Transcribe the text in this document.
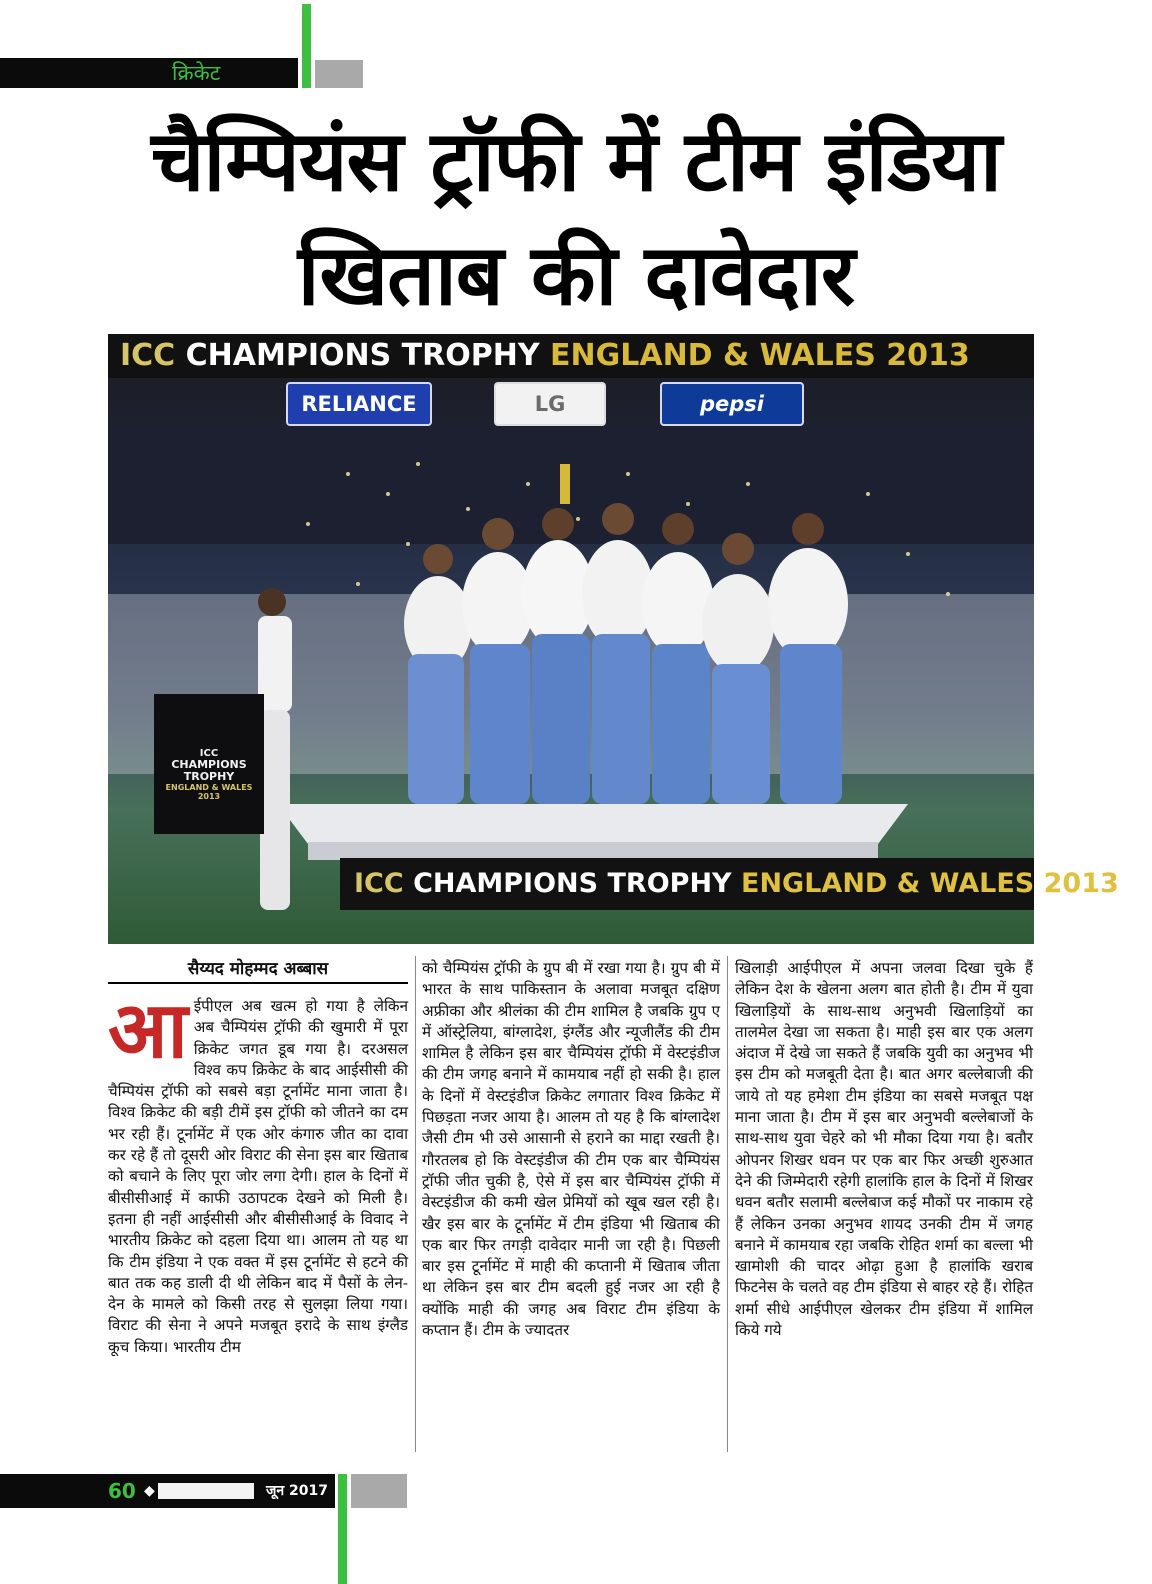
क्रिकेट
चैम्पियंस ट्रॉफी में टीम इंडिया
खिताब की दावेदार
ICC CHAMPIONS TROPHY ENGLAND & WALES 2013
RELIANCE	LG	pepsi
ICC
CHAMPIONS TROPHY
ENGLAND & WALES 2013
ICC CHAMPIONS TROPHY ENGLAND & WALES 2013
सैय्यद मोहम्मद अब्बास
आ ईपीएल अब खत्म हो गया है लेकिन अब चैम्पियंस ट्रॉफी की खुमारी में पूरा क्रिकेट जगत डूब गया है। दरअसल विश्व कप क्रिकेट के बाद आईसीसी की चैम्पियंस ट्रॉफी को सबसे बड़ा टूर्नामेंट माना जाता है। विश्व क्रिकेट की बड़ी टीमें इस ट्रॉफी को जीतने का दम भर रही हैं। टूर्नामेंट में एक ओर कंगारु जीत का दावा कर रहे हैं तो दूसरी ओर विराट की सेना इस बार खिताब को बचाने के लिए पूरा जोर लगा देगी। हाल के दिनों में बीसीसीआई में काफी उठापटक देखने को मिली है। इतना ही नहीं आईसीसी और बीसीसीआई के विवाद ने भारतीय क्रिकेट को दहला दिया था। आलम तो यह था कि टीम इंडिया ने एक वक्त में इस टूर्नामेंट से हटने की बात तक कह डाली दी थी लेकिन बाद में पैसों के लेन-देन के मामले को किसी तरह से सुलझा लिया गया। विराट की सेना ने अपने मजबूत इरादे के साथ इंग्लैड कूच किया। भारतीय टीम
को चैम्पियंस ट्रॉफी के ग्रुप बी में रखा गया है। ग्रुप बी में भारत के साथ पाकिस्तान के अलावा मजबूत दक्षिण अफ्रीका और श्रीलंका की टीम शामिल है जबकि ग्रुप ए में ऑस्ट्रेलिया, बांग्लादेश, इंग्लैंड और न्यूजीलैंड की टीम शामिल है लेकिन इस बार चैम्पियंस ट्रॉफी में वेस्टइंडीज की टीम जगह बनाने में कामयाब नहीं हो सकी है। हाल के दिनों में वेस्टइंडीज क्रिकेट लगातार विश्व क्रिकेट में पिछड़ता नजर आया है। आलम तो यह है कि बांग्लादेश जैसी टीम भी उसे आसानी से हराने का माद्दा रखती है। गौरतलब हो कि वेस्टइंडीज की टीम एक बार चैम्पियंस ट्रॉफी जीत चुकी है, ऐसे में इस बार चैम्पियंस ट्रॉफी में वेस्टइंडीज की कमी खेल प्रेमियों को खूब खल रही है। खैर इस बार के टूर्नामेंट में टीम इंडिया भी खिताब की एक बार फिर तगड़ी दावेदार मानी जा रही है। पिछली बार इस टूर्नामेंट में माही की कप्तानी में खिताब जीता था लेकिन इस बार टीम बदली हुई नजर आ रही है क्योंकि माही की जगह अब विराट टीम इंडिया के कप्तान हैं। टीम के ज्यादतर
खिलाड़ी आईपीएल में अपना जलवा दिखा चुके हैं लेकिन देश के खेलना अलग बात होती है। टीम में युवा खिलाड़ियों के साथ-साथ अनुभवी खिलाड़ियों का तालमेल देखा जा सकता है। माही इस बार एक अलग अंदाज में देखे जा सकते हैं जबकि युवी का अनुभव भी इस टीम को मजबूती देता है। बात अगर बल्लेबाजी की जाये तो यह हमेशा टीम इंडिया का सबसे मजबूत पक्ष माना जाता है। टीम में इस बार अनुभवी बल्लेबाजों के साथ-साथ युवा चेहरे को भी मौका दिया गया है। बतौर ओपनर शिखर धवन पर एक बार फिर अच्छी शुरुआत देने की जिम्मेदारी रहेगी हालांकि हाल के दिनों में शिखर धवन बतौर सलामी बल्लेबाज कई मौकों पर नाकाम रहे हैं लेकिन उनका अनुभव शायद उनकी टीम में जगह बनाने में कामयाब रहा जबकि रोहित शर्मा का बल्ला भी खामोशी की चादर ओढ़ा हुआ है हालांकि खराब फिटनेस के चलते वह टीम इंडिया से बाहर रहे हैं। रोहित शर्मा सीधे आईपीएल खेलकर टीम इंडिया में शामिल किये गये
60 ◆	जून 2017
